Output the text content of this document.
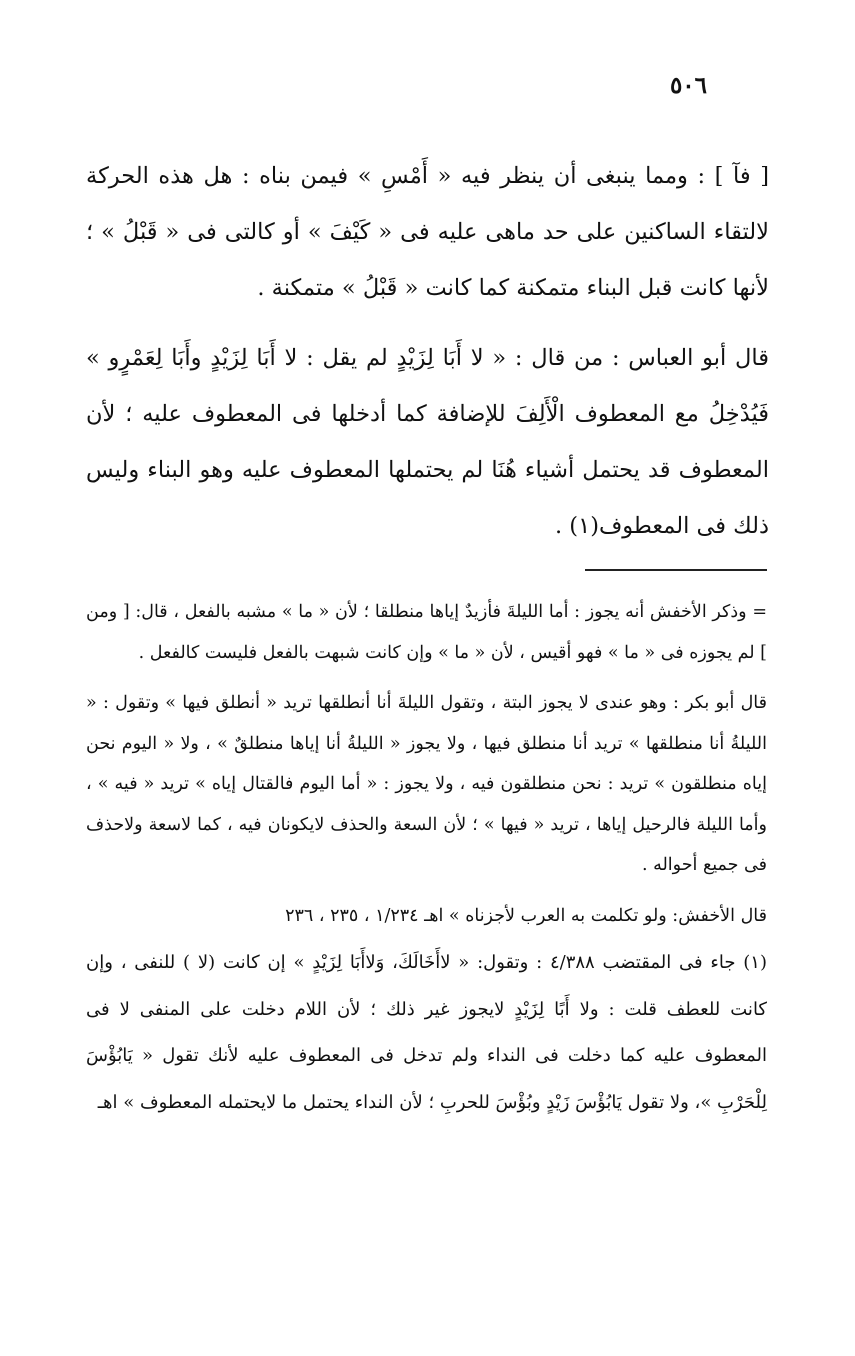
٥٠٦

[ فآ ] : ومما ينبغى أن ينظر فيه « أَمْسِ » فيمن بناه : هل هذه الحركة لالتقاء الساكنين على حد ماهى عليه فى « كَيْفَ » أو كالتى فى « قَبْلُ » ؛ لأنها كانت قبل البناء متمكنة كما كانت « قَبْلُ » متمكنة .

قال أبو العباس : من قال : « لا أَبَا لِزَيْدٍ لم يقل : لا أَبَا لِزَيْدٍ وأَبَا لِعَمْرٍو » فَيُدْخِلُ مع المعطوف الْأَلِفَ للإضافة كما أدخلها فى المعطوف عليه ؛ لأن المعطوف قد يحتمل أشياء هُنَا لم يحتملها المعطوف عليه وهو البناء وليس ذلك فى المعطوف(١) .

= وذكر الأخفش أنه يجوز : أما الليلةَ فأزيدٌ إياها منطلقا ؛ لأن « ما » مشبه بالفعل ، قال: [ ومن ] لم يجوزه فى « ما » فهو أقيس ، لأن « ما » وإن كانت شبهت بالفعل فليست كالفعل .

قال أبو بكر : وهو عندى لا يجوز البتة ، وتقول الليلةَ أنا أنطلقها تريد « أنطلق فيها » وتقول : « الليلةُ أنا منطلقها » تريد أنا منطلق فيها ، ولا يجوز « الليلةُ أنا إياها منطلقٌ » ، ولا « اليوم نحن إياه منطلقون » تريد : نحن منطلقون فيه ، ولا يجوز : « أما اليوم فالقتال إياه » تريد « فيه » ، وأما الليلة فالرحيل إياها ، تريد « فيها » ؛ لأن السعة والحذف لايكونان فيه ، كما لاسعة ولاحذف فى جميع أحواله .

قال الأخفش: ولو تكلمت به العرب لأجزناه » اهـ ١/٢٣٤ ، ٢٣٥ ، ٢٣٦

(١) جاء فى المقتضب ٤/٣٨٨ : وتقول: « لاأَخَالَكَ، وَلاأَبَا لِزَيْدٍ » إن كانت (لا ) للنفى ، وإن كانت للعطف قلت : ولا أَبًا لِزَيْدٍ لايجوز غير ذلك ؛ لأن اللام دخلت على المنفى لا فى المعطوف عليه كما دخلت فى النداء ولم تدخل فى المعطوف عليه لأنك تقول « يَابُؤْسَ لِلْحَرْبِ »، ولا تقول يَابُؤْسَ زَيْدٍ وبُؤْسَ للحربِ ؛ لأن النداء يحتمل ما لايحتمله المعطوف » اهـ
